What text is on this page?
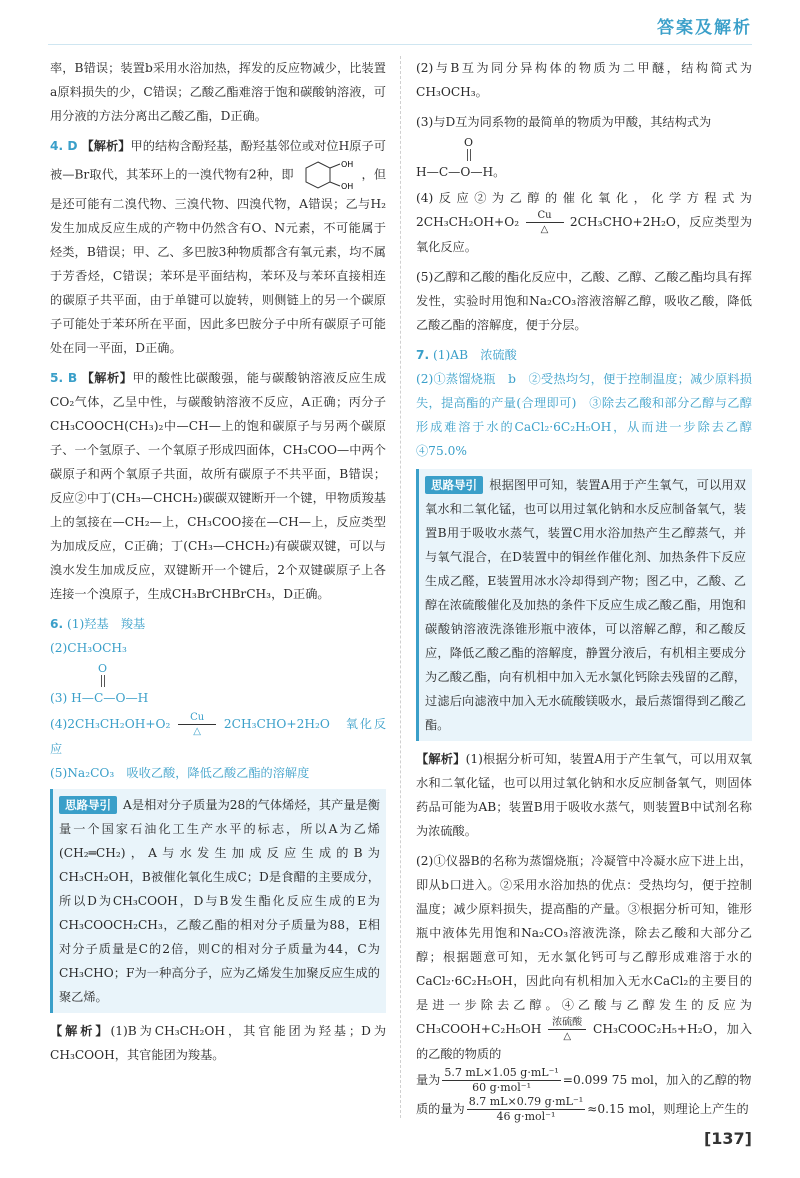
答案及解析

率，B错误；装置b采用水浴加热，挥发的反应物减少，比装置a原料损失的少，C错误；乙酸乙酯难溶于饱和碳酸钠溶液，可用分液的方法分离出乙酸乙酯，D正确。

4. D 【解析】甲的结构含酚羟基，酚羟基邻位或对位H原子可被—Br取代，其苯环上的一溴代物有2种，即
OH
OH
，但是还可能有二溴代物、三溴代物、四溴代物，A错误；乙与H₂发生加成反应生成的产物中仍然含有O、N元素，不可能属于烃类，B错误；甲、乙、多巴胺3种物质都含有氧元素，均不属于芳香烃，C错误；苯环是平面结构，苯环及与苯环直接相连的碳原子共平面，由于单键可以旋转，则侧链上的另一个碳原子可能处于苯环所在平面，因此多巴胺分子中所有碳原子可能处在同一平面，D正确。

5. B 【解析】甲的酸性比碳酸强，能与碳酸钠溶液反应生成CO₂气体，乙呈中性，与碳酸钠溶液不反应，A正确；丙分子CH₃COOCH(CH₃)₂中—CH—上的饱和碳原子与另两个碳原子、一个氢原子、一个氧原子形成四面体，CH₃COO—中两个碳原子和两个氧原子共面，故所有碳原子不共平面，B错误；反应②中丁(CH₃—CHCH₂)碳碳双键断开一个键，甲物质羧基上的氢接在—CH₂—上，CH₃COO接在—CH—上，反应类型为加成反应，C正确；丁(CH₃—CHCH₂)有碳碳双键，可以与溴水发生加成反应，双键断开一个键后，2个双键碳原子上各连接一个溴原子，生成CH₃BrCHBrCH₃，D正确。

6. (1)羟基　羧基

(2)CH₃OCH₃

O
(3) H—C—O—H

(4)2CH₃CH₂OH+O₂ Cu
△ 2CH₃CHO+2H₂O　氧化反应

(5)Na₂CO₃　吸收乙酸，降低乙酸乙酯的溶解度

思路导引 A是相对分子质量为28的气体烯烃，其产量是衡量一个国家石油化工生产水平的标志，所以A为乙烯(CH₂═CH₂)，A与水发生加成反应生成的B为CH₃CH₂OH，B被催化氧化生成C；D是食醋的主要成分，所以D为CH₃COOH，D与B发生酯化反应生成的E为CH₃COOCH₂CH₃，乙酸乙酯的相对分子质量为88，E相对分子质量是C的2倍，则C的相对分子质量为44，C为CH₃CHO；F为一种高分子，应为乙烯发生加聚反应生成的聚乙烯。

【解析】(1)B为CH₃CH₂OH，其官能团为羟基；D为CH₃COOH，其官能团为羧基。

(2)与B互为同分异构体的物质为二甲醚，结构简式为CH₃OCH₃。

(3)与D互为同系物的最简单的物质为甲酸，其结构式为

O
H—C—O—H。

(4)反应②为乙醇的催化氧化，化学方程式为2CH₃CH₂OH+O₂ Cu
△ 2CH₃CHO+2H₂O，反应类型为氧化反应。

(5)乙醇和乙酸的酯化反应中，乙酸、乙醇、乙酸乙酯均具有挥发性，实验时用饱和Na₂CO₃溶液溶解乙醇，吸收乙酸，降低乙酸乙酯的溶解度，便于分层。

7. (1)AB　浓硫酸

(2)①蒸馏烧瓶　b　②受热均匀，便于控制温度；减少原料损失，提高酯的产量(合理即可)　③除去乙酸和部分乙醇与乙醇形成难溶于水的CaCl₂·6C₂H₅OH，从而进一步除去乙醇　④75.0%

思路导引 根据图甲可知，装置A用于产生氧气，可以用双氧水和二氧化锰，也可以用过氧化钠和水反应制备氧气，装置B用于吸收水蒸气，装置C用水浴加热产生乙醇蒸气，并与氧气混合，在D装置中的铜丝作催化剂、加热条件下反应生成乙醛，E装置用冰水冷却得到产物；图乙中，乙酸、乙醇在浓硫酸催化及加热的条件下反应生成乙酸乙酯，用饱和碳酸钠溶液洗涤锥形瓶中液体，可以溶解乙醇，和乙酸反应，降低乙酸乙酯的溶解度，静置分液后，有机相主要成分为乙酸乙酯，向有机相中加入无水氯化钙除去残留的乙醇，过滤后向滤液中加入无水硫酸镁吸水，最后蒸馏得到乙酸乙酯。

【解析】(1)根据分析可知，装置A用于产生氧气，可以用双氧水和二氧化锰，也可以用过氧化钠和水反应制备氧气，则固体药品可能为AB；装置B用于吸收水蒸气，则装置B中试剂名称为浓硫酸。

(2)①仪器B的名称为蒸馏烧瓶；冷凝管中冷凝水应下进上出，即从b口进入。②采用水浴加热的优点：受热均匀，便于控制温度；减少原料损失，提高酯的产量。③根据分析可知，锥形瓶中液体先用饱和Na₂CO₃溶液洗涤，除去乙酸和大部分乙醇；根据题意可知，无水氯化钙可与乙醇形成难溶于水的CaCl₂·6C₂H₅OH，因此向有机相加入无水CaCl₂的主要目的是进一步除去乙醇。④乙酸与乙醇发生的反应为CH₃COOH+C₂H₅OH 浓硫酸
△ CH₃COOC₂H₅+H₂O，加入的乙酸的物质的

量为 $\frac{\text{5.7 mL×1.05 g·mL⁻¹}}{\text{60 g·mol⁻¹}} =0.099$ 75 mol，加入的乙醇的物

质的量为 $\frac{\text{8.7 mL×0.79 g·mL⁻¹}}{\text{46 g·mol⁻¹}} \approx 0.15$ mol，则理论上产生的

[137]
